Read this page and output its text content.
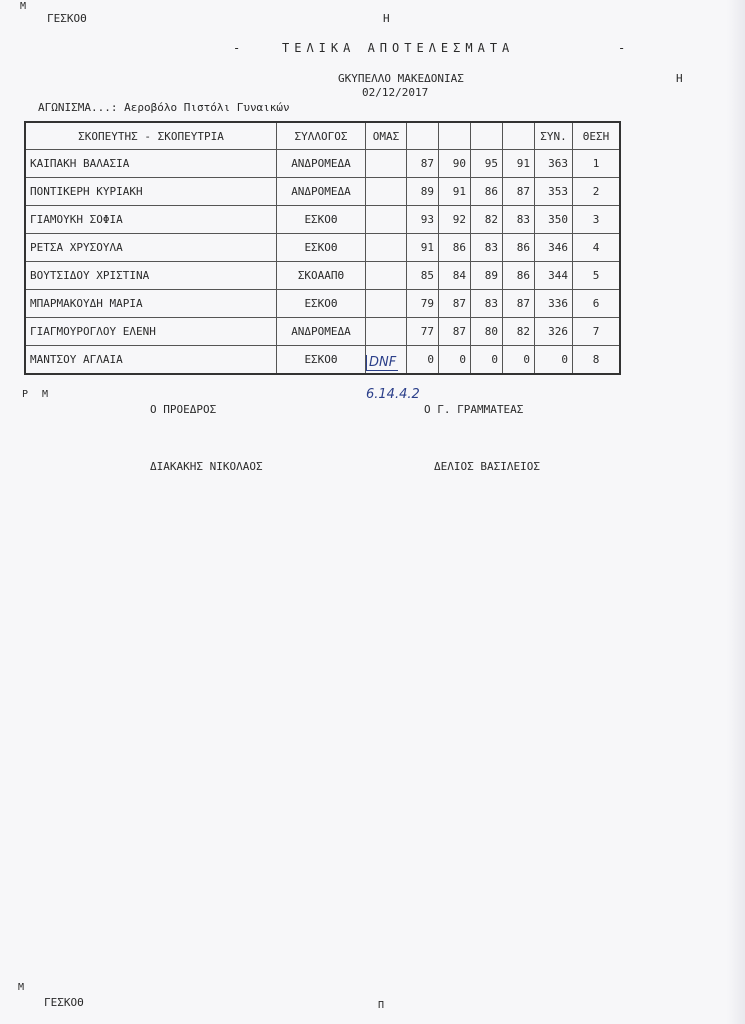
M
ΓΕΣΚΟΘ	Η
-	ΤΕΛΙΚΑ ΑΠΟΤΕΛΕΣΜΑΤΑ	-
GΚΥΠΕΛΛΟ ΜΑΚΕΔΟΝΙΑΣ	Η
02/12/2017
ΑΓΩΝΙΣΜΑ...: Αεροβόλο Πιστόλι Γυναικών
ΣΚΟΠΕΥΤΗΣ - ΣΚΟΠΕΥΤΡΙΑ	ΣΥΛΛΟΓΟΣ	ΟΜΑΣ					ΣΥΝ.	ΘΕΣΗ
ΚΑΙΠΑΚΗ ΒΑΛΑΣΙΑ	ΑΝΔΡΟΜΕΔΑ		87	90	95	91	363	1
ΠΟΝΤΙΚΕΡΗ ΚΥΡΙΑΚΗ	ΑΝΔΡΟΜΕΔΑ		89	91	86	87	353	2
ΓΙΑΜΟΥΚΗ ΣΟΦΙΑ	ΕΣΚΟΘ		93	92	82	83	350	3
ΡΕΤΣΑ ΧΡΥΣΟΥΛΑ	ΕΣΚΟΘ		91	86	83	86	346	4
ΒΟΥΤΣΙΔΟΥ ΧΡΙΣΤΙΝΑ	ΣΚΟΑΑΠΘ		85	84	89	86	344	5
ΜΠΑΡΜΑΚΟΥΔΗ ΜΑΡΙΑ	ΕΣΚΟΘ		79	87	83	87	336	6
ΓΙΑΓΜΟΥΡΟΓΛΟΥ ΕΛΕΝΗ	ΑΝΔΡΟΜΕΔΑ		77	87	80	82	326	7
ΜΑΝΤΣΟΥ ΑΓΛΑΙΑ	ΕΣΚΟΘ		0	0	0	0	0	8
DNF
6.14.4.2
Ρ Μ
Ο ΠΡΟΕΔΡΟΣ	Ο Γ. ΓΡΑΜΜΑΤΕΑΣ
ΔΙΑΚΑΚΗΣ ΝΙΚΟΛΑΟΣ	ΔΕΛΙΟΣ ΒΑΣΙΛΕΙΟΣ
M
ΓΕΣΚΟΘ	Π
